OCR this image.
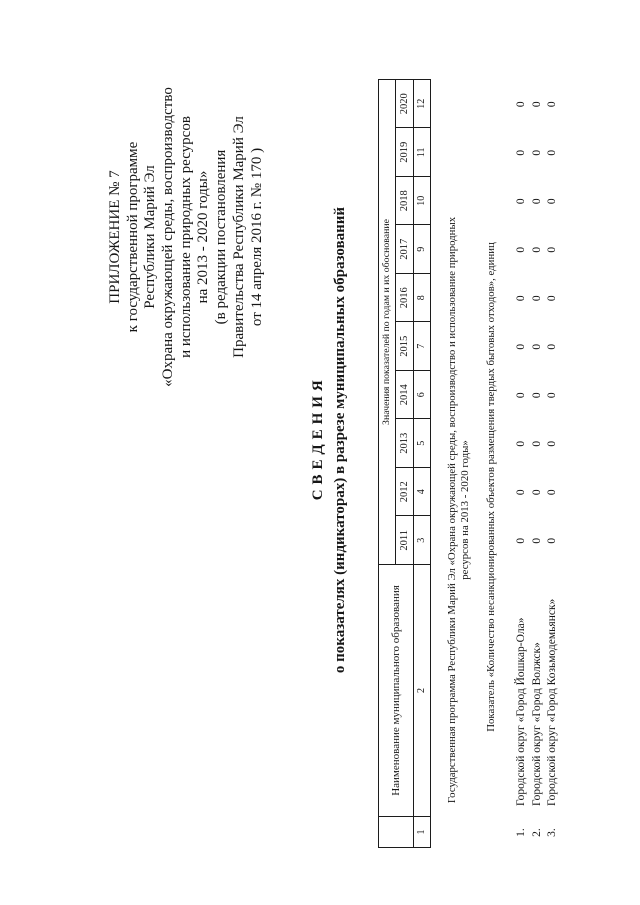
ПРИЛОЖЕНИЕ № 7 к государственной программе Республики Марий Эл «Охрана окружающей среды, воспроизводство и использование природных ресурсов на 2013 - 2020 годы» (в редакции постановления Правительства Республики Марий Эл от 14 апреля 2016 г. № 170 )
С В Е Д Е Н И Я о показателях (индикаторах) в разрезе муниципальных образований
	Наименование муниципального образования	Значения показателей по годам и их обоснование									
		2011	2012	2013	2014	2015	2016	2017	2018	2019	2020
1	2	3	4	5	6	7	8	9	10	11	12
Государственная программа Республики Марий Эл «Охрана окружающей среды, воспроизводство и использование природных ресурсов на 2013 - 2020 годы» Показатель «Количество несанкционированных объектов размещения твердых бытовых отходов», единиц
1.	Городской округ «Город Йошкар-Ола»	0	0	0	0	0	0	0	0	0	0
2.	Городской округ «Город Волжск»	0	0	0	0	0	0	0	0	0	0
3.	Городской округ «Город Козьмодемьянск»	0	0	0	0	0	0	0	0	0	0
